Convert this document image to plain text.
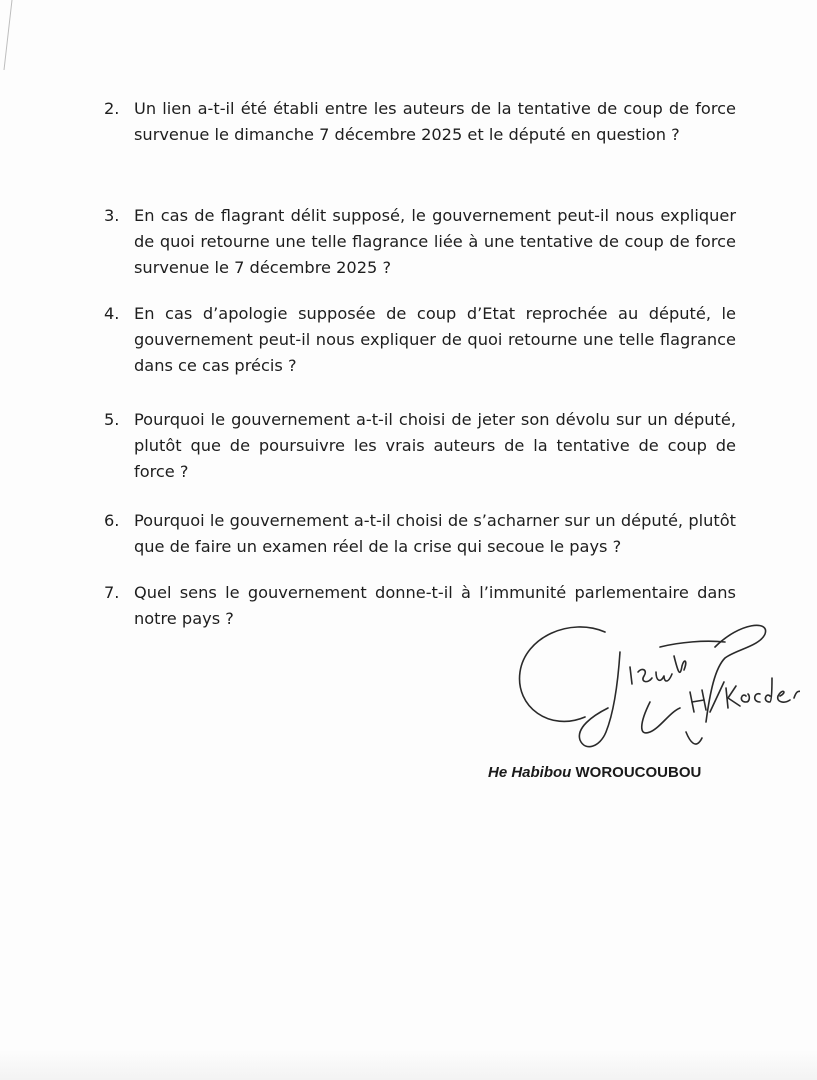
2. Un lien a-t-il été établi entre les auteurs de la tentative de coup de force survenue le dimanche 7 décembre 2025 et le député en question ?
3. En cas de flagrant délit supposé, le gouvernement peut-il nous expliquer de quoi retourne une telle flagrance liée à une tentative de coup de force survenue le 7 décembre 2025 ?
4. En cas d’apologie supposée de coup d’Etat reprochée au député, le gouvernement peut-il nous expliquer de quoi retourne une telle flagrance dans ce cas précis ?
5. Pourquoi le gouvernement a-t-il choisi de jeter son dévolu sur un député, plutôt que de poursuivre les vrais auteurs de la tentative de coup de force ?
6. Pourquoi le gouvernement a-t-il choisi de s’acharner sur un député, plutôt que de faire un examen réel de la crise qui secoue le pays ?
7. Quel sens le gouvernement donne-t-il à l’immunité parlementaire dans notre pays ?
He Habibou WOROUCOUBOU
